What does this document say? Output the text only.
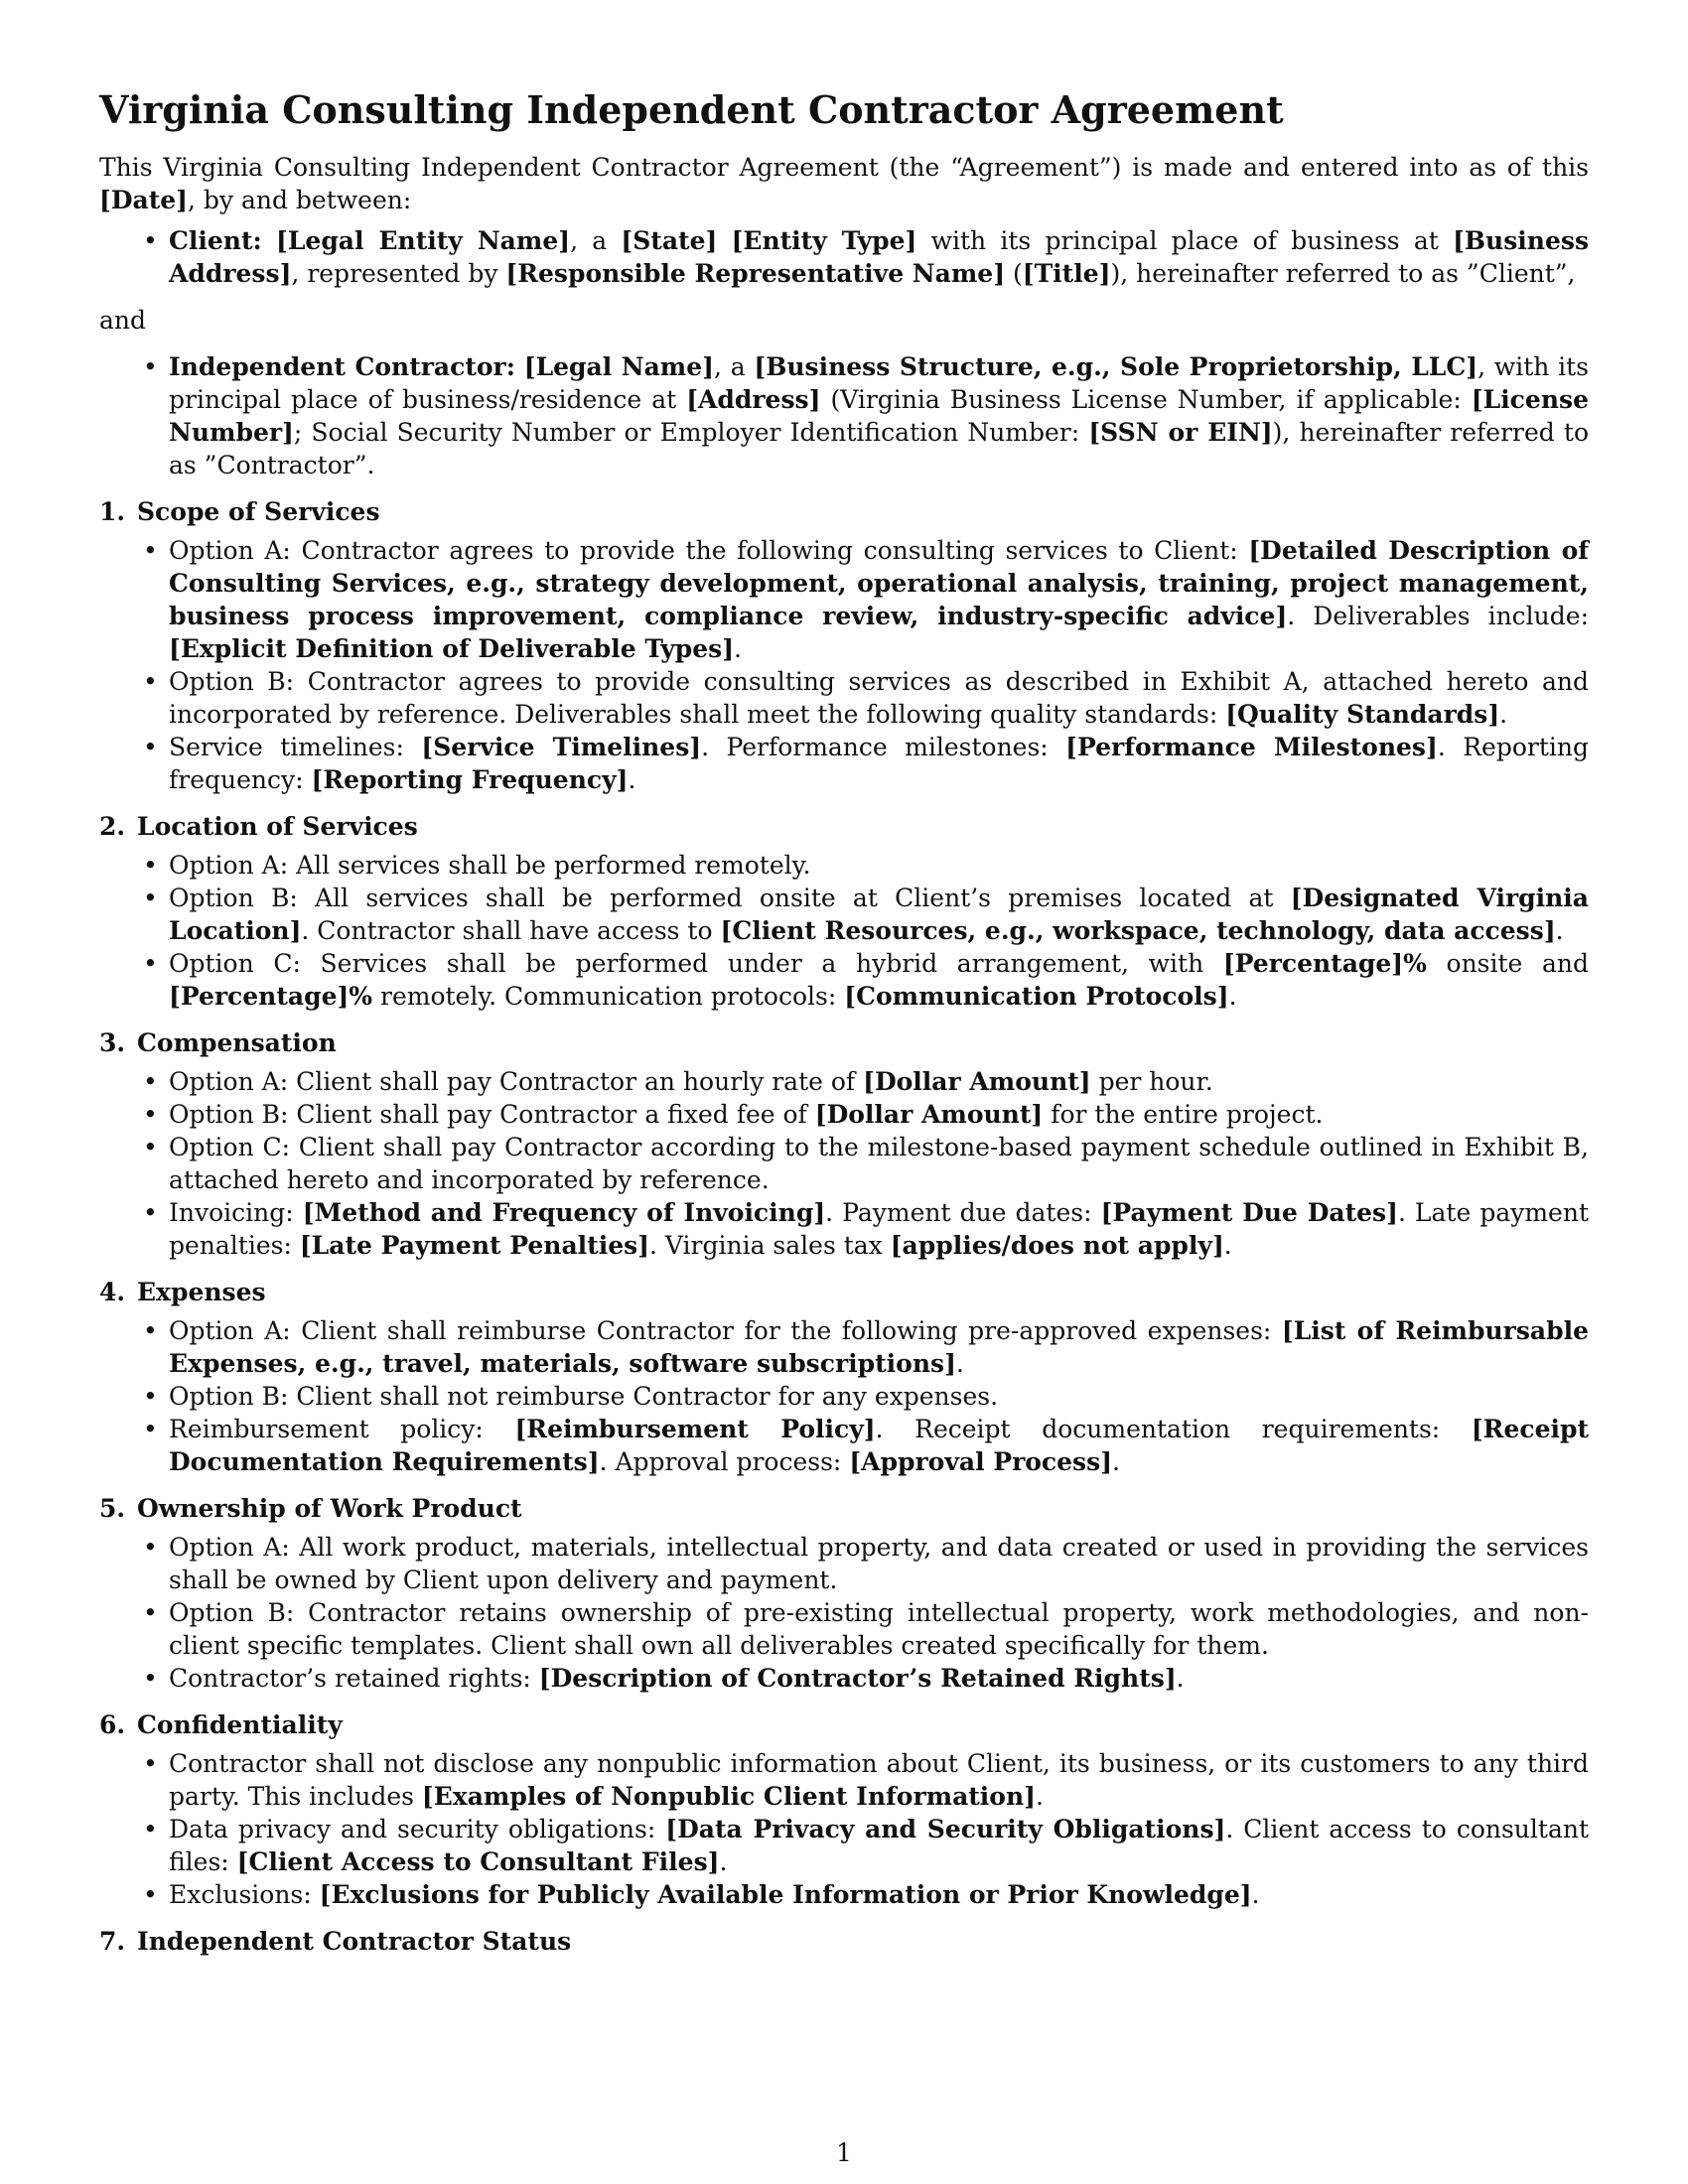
Virginia Consulting Independent Contractor Agreement

This Virginia Consulting Independent Contractor Agreement (the “Agreement”) is made and entered into as of this [Date], by and between:

• Client: [Legal Entity Name], a [State] [Entity Type] with its principal place of business at [Business Address], represented by [Responsible Representative Name] ([Title]), hereinafter referred to as ”Client”,

and

• Independent Contractor: [Legal Name], a [Business Structure, e.g., Sole Proprietorship, LLC], with its principal place of business/residence at [Address] (Virginia Business License Number, if applicable: [License Number]; Social Security Number or Employer Identification Number: [SSN or EIN]), hereinafter referred to as ”Contractor”.

1. Scope of Services

• Option A: Contractor agrees to provide the following consulting services to Client: [Detailed Description of Consulting Services, e.g., strategy development, operational analysis, training, project management, business process improvement, compliance review, industry-specific advice]. Deliverables include: [Explicit Definition of Deliverable Types].
• Option B: Contractor agrees to provide consulting services as described in Exhibit A, attached hereto and incorporated by reference. Deliverables shall meet the following quality standards: [Quality Standards].
• Service timelines: [Service Timelines]. Performance milestones: [Performance Milestones]. Reporting frequency: [Reporting Frequency].

2. Location of Services

• Option A: All services shall be performed remotely.
• Option B: All services shall be performed onsite at Client’s premises located at [Designated Virginia Location]. Contractor shall have access to [Client Resources, e.g., workspace, technology, data access].
• Option C: Services shall be performed under a hybrid arrangement, with [Percentage]% onsite and [Percentage]% remotely. Communication protocols: [Communication Protocols].

3. Compensation

• Option A: Client shall pay Contractor an hourly rate of [Dollar Amount] per hour.
• Option B: Client shall pay Contractor a fixed fee of [Dollar Amount] for the entire project.
• Option C: Client shall pay Contractor according to the milestone-based payment schedule outlined in Exhibit B, attached hereto and incorporated by reference.
• Invoicing: [Method and Frequency of Invoicing]. Payment due dates: [Payment Due Dates]. Late payment penalties: [Late Payment Penalties]. Virginia sales tax [applies/does not apply].

4. Expenses

• Option A: Client shall reimburse Contractor for the following pre-approved expenses: [List of Reimbursable Expenses, e.g., travel, materials, software subscriptions].
• Option B: Client shall not reimburse Contractor for any expenses.
• Reimbursement policy: [Reimbursement Policy]. Receipt documentation requirements: [Receipt Documentation Requirements]. Approval process: [Approval Process].

5. Ownership of Work Product

• Option A: All work product, materials, intellectual property, and data created or used in providing the services shall be owned by Client upon delivery and payment.
• Option B: Contractor retains ownership of pre-existing intellectual property, work methodologies, and non-client specific templates. Client shall own all deliverables created specifically for them.
• Contractor’s retained rights: [Description of Contractor’s Retained Rights].

6. Confidentiality

• Contractor shall not disclose any nonpublic information about Client, its business, or its customers to any third party. This includes [Examples of Nonpublic Client Information].
• Data privacy and security obligations: [Data Privacy and Security Obligations]. Client access to consultant files: [Client Access to Consultant Files].
• Exclusions: [Exclusions for Publicly Available Information or Prior Knowledge].

7. Independent Contractor Status

1
